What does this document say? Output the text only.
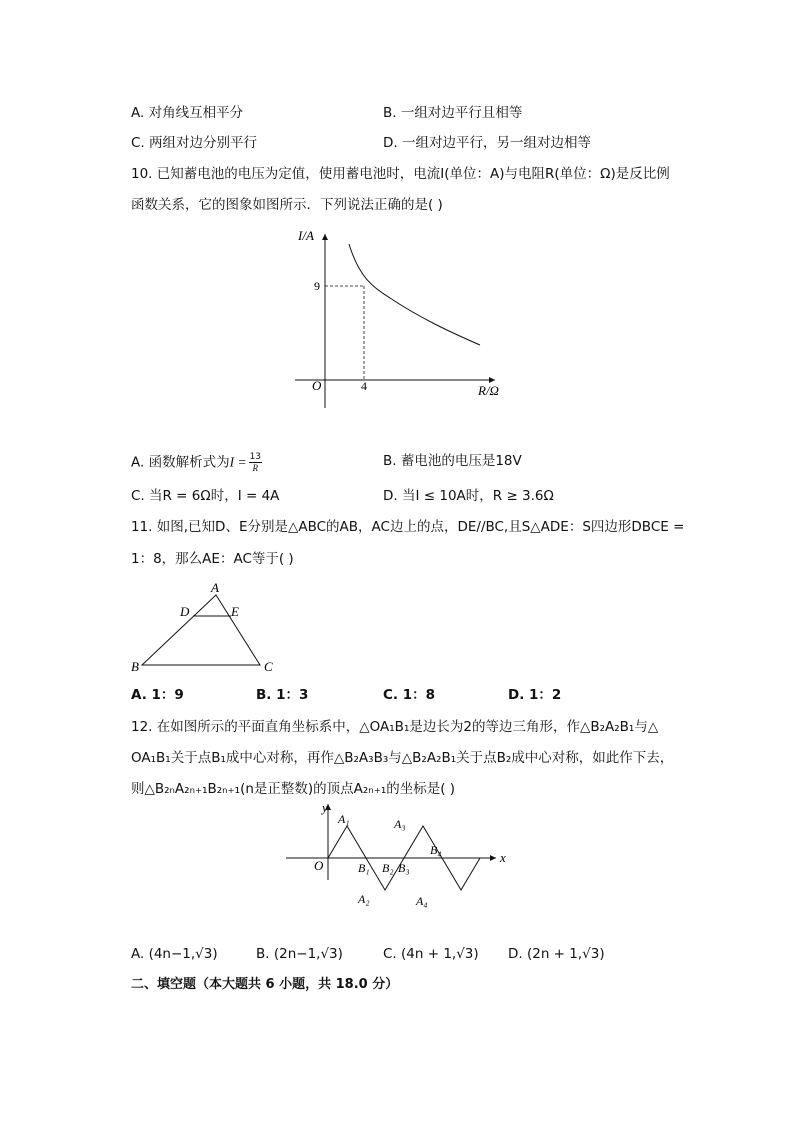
A. 对角线互相平分	B. 一组对边平行且相等
C. 两组对边分别平行	D. 一组对边平行，另一组对边相等
10. 已知蓄电池的电压为定值，使用蓄电池时，电流I(单位：A)与电阻R(单位：Ω)是反比例
函数关系，它的图象如图所示．下列说法正确的是( )
I/A
R/Ω
O
9
4
A. 函数解析式为$I = \frac{13}{R}$	B. 蓄电池的电压是18V
C. 当R = 6Ω时，I = 4A	D. 当I ≤ 10A时，R ≥ 3.6Ω
11. 如图,已知D、E分别是△ABC的AB，AC边上的点，DE//BC,且S△ADE：S四边形DBCE =
1：8，那么AE：AC等于( )
A
D	E
B	C
A. 1：9	B. 1：3	C. 1：8	D. 1：2
12. 在如图所示的平面直角坐标系中，△OA₁B₁是边长为2的等边三角形，作△B₂A₂B₁与△
OA₁B₁关于点B₁成中心对称，再作△B₂A₃B₃与△B₂A₂B₁关于点B₂成中心对称，如此作下去，
则△B₂ₙA₂ₙ₊₁B₂ₙ₊₁(n是正整数)的顶点A₂ₙ₊₁的坐标是( )
y
x
O
A₁
B₁
A₂
B₂ B₃
A₃
A₄
B₄
A. (4n−1,√3)	B. (2n−1,√3)	C. (4n + 1,√3) D. (2n + 1,√3)
二、填空题（本大题共 6 小题，共 18.0 分）
